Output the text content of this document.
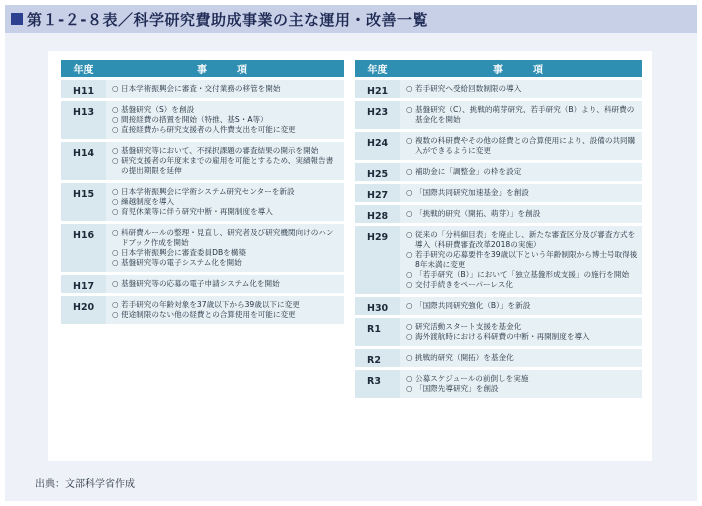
第１-２-８表／科学研究費助成事業の主な運用・改善一覧
年度	事　項
H11	○ 日本学術振興会に審査・交付業務の移管を開始
H13	○ 基盤研究（S）を創設
○ 間接経費の措置を開始（特推、基S・A等）
○ 直接経費から研究支援者の人件費支出を可能に変更
H14	○ 基盤研究等において、不採択課題の審査結果の開示を開始
○ 研究支援者の年度末までの雇用を可能とするため、実績報告書の提出期限を延伸
H15	○ 日本学術振興会に学術システム研究センターを新設
○ 繰越制度を導入
○ 育児休業等に伴う研究中断・再開制度を導入
H16	○ 科研費ルールの整理・見直し、研究者及び研究機関向けのハンドブック作成を開始
○ 日本学術振興会に審査委員DBを構築
○ 基盤研究等の電子システム化を開始
H17	○ 基盤研究等の応募の電子申請システム化を開始
H20	○ 若手研究の年齢対象を37歳以下から39歳以下に変更
○ 使途制限のない他の経費との合算使用を可能に変更
年度	事　項
H21	○ 若手研究へ受給回数制限の導入
H23	○ 基盤研究（C）、挑戦的萌芽研究、若手研究（B）より、科研費の基金化を開始
H24	○ 複数の科研費やその他の経費との合算使用により、設備の共同購入ができるように変更
H25	○ 補助金に「調整金」の枠を設定
H27	○ 「国際共同研究加速基金」を創設
H28	○ 「挑戦的研究（開拓、萌芽）」を創設
H29	○ 従来の「分科細目表」を廃止し、新たな審査区分及び審査方式を導入（科研費審査改革2018の実施）
○ 若手研究の応募要件を39歳以下という年齢制限から博士号取得後8年未満に変更
○ 「若手研究（B）」において「独立基盤形成支援」の施行を開始
○ 交付手続きをペーパーレス化
H30	○ 「国際共同研究強化（B）」を新設
R1	○ 研究活動スタート支援を基金化
○ 海外渡航時における科研費の中断・再開制度を導入
R2	○ 挑戦的研究（開拓）を基金化
R3	○ 公募スケジュールの前倒しを実施
○ 「国際先導研究」を創設
出典：文部科学省作成
